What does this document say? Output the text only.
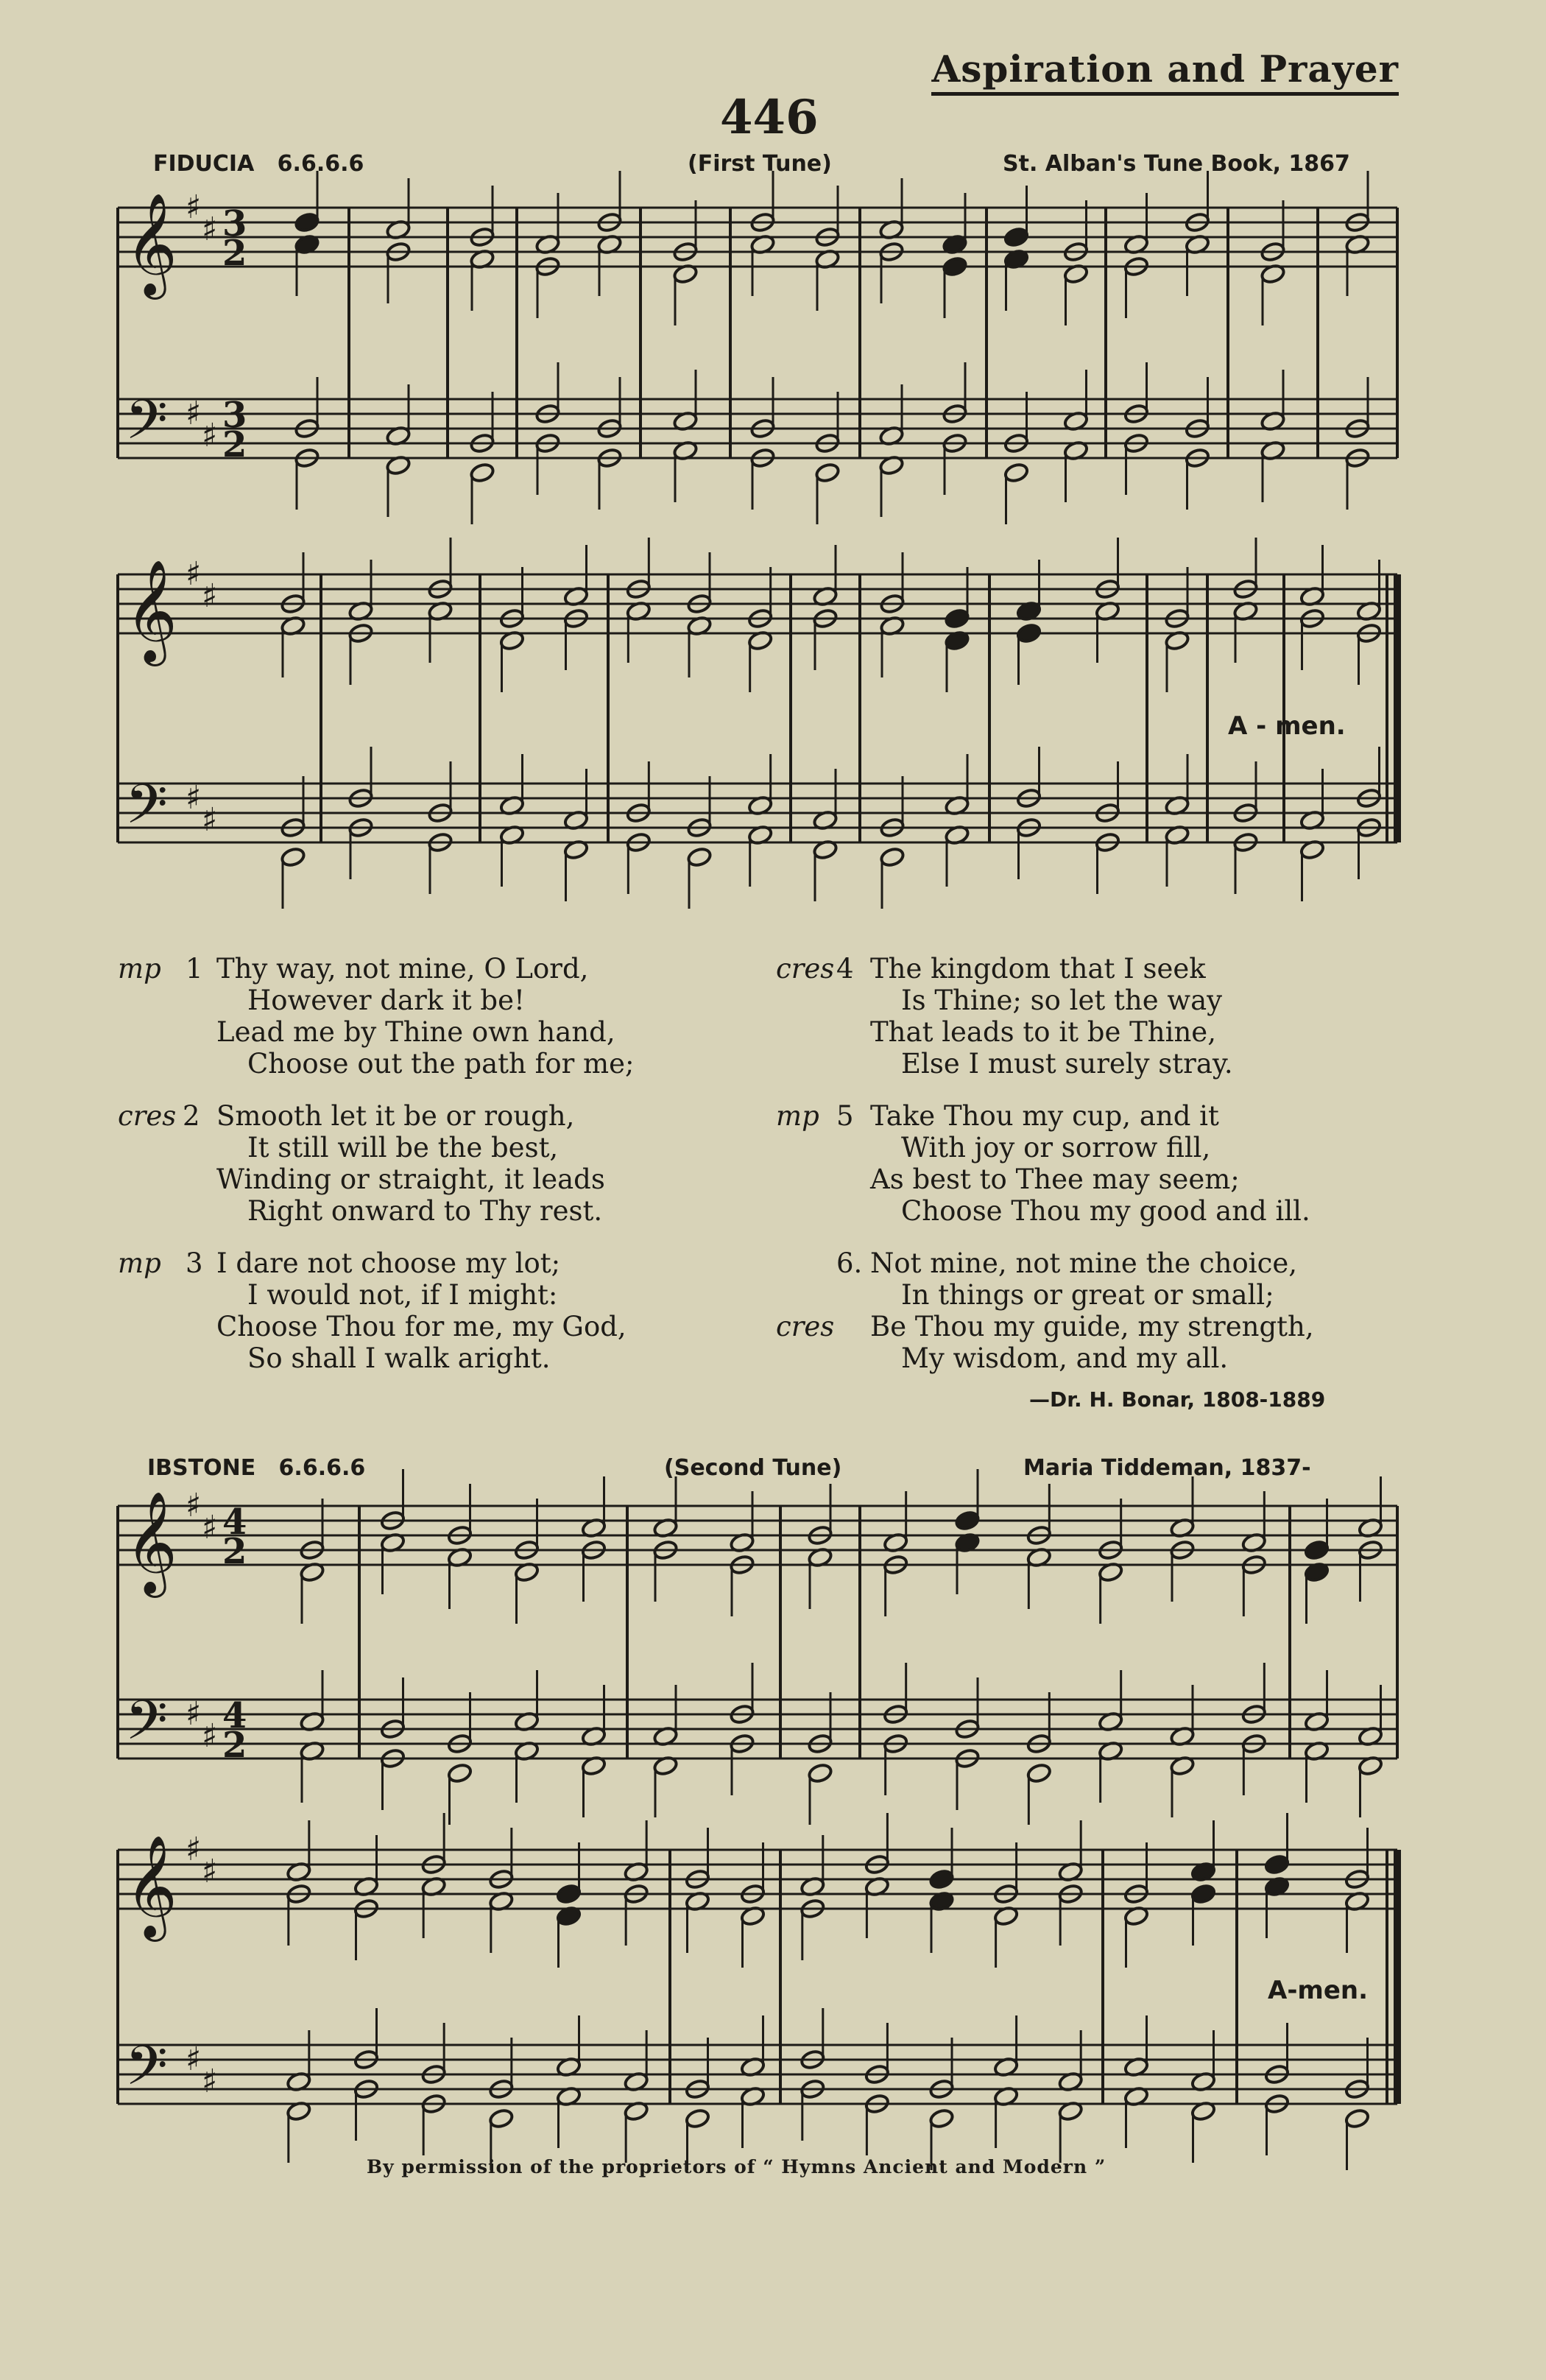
Aspiration and Prayer
446
FIDUCIA 6.6.6.6	(First Tune)	St. Alban's Tune Book, 1867
𝄞
𝄢
♯
♯
♯
♯
3
2
3
2
𝄞
𝄢
♯
♯
♯
♯
𝄞
𝄢
♯
♯
♯
♯
4
2
4
2
𝄞
𝄢
♯
♯
♯
♯
A - men.
mp 1 Thy way, not mine, O Lord,
However dark it be!
Lead me by Thine own hand,
Choose out the path for me;
cres 2 Smooth let it be or rough,
It still will be the best,
Winding or straight, it leads
Right onward to Thy rest.
mp 3 I dare not choose my lot;
I would not, if I might:
Choose Thou for me, my God,
So shall I walk aright.
cres 4 The kingdom that I seek
Is Thine; so let the way
That leads to it be Thine,
Else I must surely stray.
mp 5 Take Thou my cup, and it
With joy or sorrow fill,
As best to Thee may seem;
Choose Thou my good and ill.
6.
cres
Not mine, not mine the choice,
In things or great or small;
Be Thou my guide, my strength,
My wisdom, and my all.
—Dr. H. Bonar, 1808-1889
IBSTONE 6.6.6.6	(Second Tune)	Maria Tiddeman, 1837-
A-men.
By permission of the proprietors of “ Hymns Ancient and Modern ”
